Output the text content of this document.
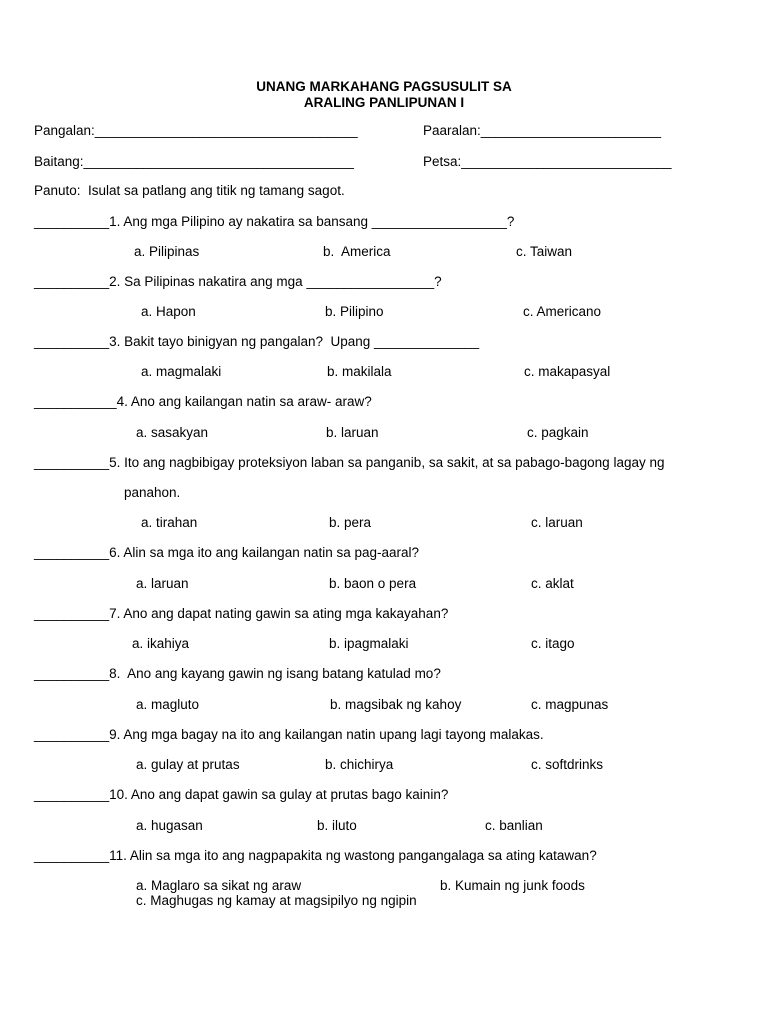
UNANG MARKAHANG PAGSUSULIT SA
ARALING PANLIPUNAN I
Pangalan:___________________________________	Paaralan:________________________
Baitang:____________________________________	Petsa:____________________________
Panuto:  Isulat sa patlang ang titik ng tamang sagot.
__________1. Ang mga Pilipino ay nakatira sa bansang __________________?
a. Pilipinas	b.  America	c. Taiwan
__________2. Sa Pilipinas nakatira ang mga _________________?
a. Hapon	b. Pilipino	c. Americano
__________3. Bakit tayo binigyan ng pangalan?  Upang ______________
a. magmalaki	b. makilala	c. makapasyal
___________4. Ano ang kailangan natin sa araw- araw?
a. sasakyan	b. laruan	c. pagkain
__________5. Ito ang nagbibigay proteksiyon laban sa panganib, sa sakit, at sa pabago-bagong lagay ng
panahon.
a. tirahan	b. pera	c. laruan
__________6. Alin sa mga ito ang kailangan natin sa pag-aaral?
a. laruan	b. baon o pera	c. aklat
__________7. Ano ang dapat nating gawin sa ating mga kakayahan?
a. ikahiya	b. ipagmalaki	c. itago
__________8.  Ano ang kayang gawin ng isang batang katulad mo?
a. magluto	b. magsibak ng kahoy	c. magpunas
__________9. Ang mga bagay na ito ang kailangan natin upang lagi tayong malakas.
a. gulay at prutas	b. chichirya	c. softdrinks
__________10. Ano ang dapat gawin sa gulay at prutas bago kainin?
a. hugasan	b. iluto	c. banlian
__________11. Alin sa mga ito ang nagpapakita ng wastong pangangalaga sa ating katawan?
a. Maglaro sa sikat ng araw	b. Kumain ng junk foods
c. Maghugas ng kamay at magsipilyo ng ngipin
